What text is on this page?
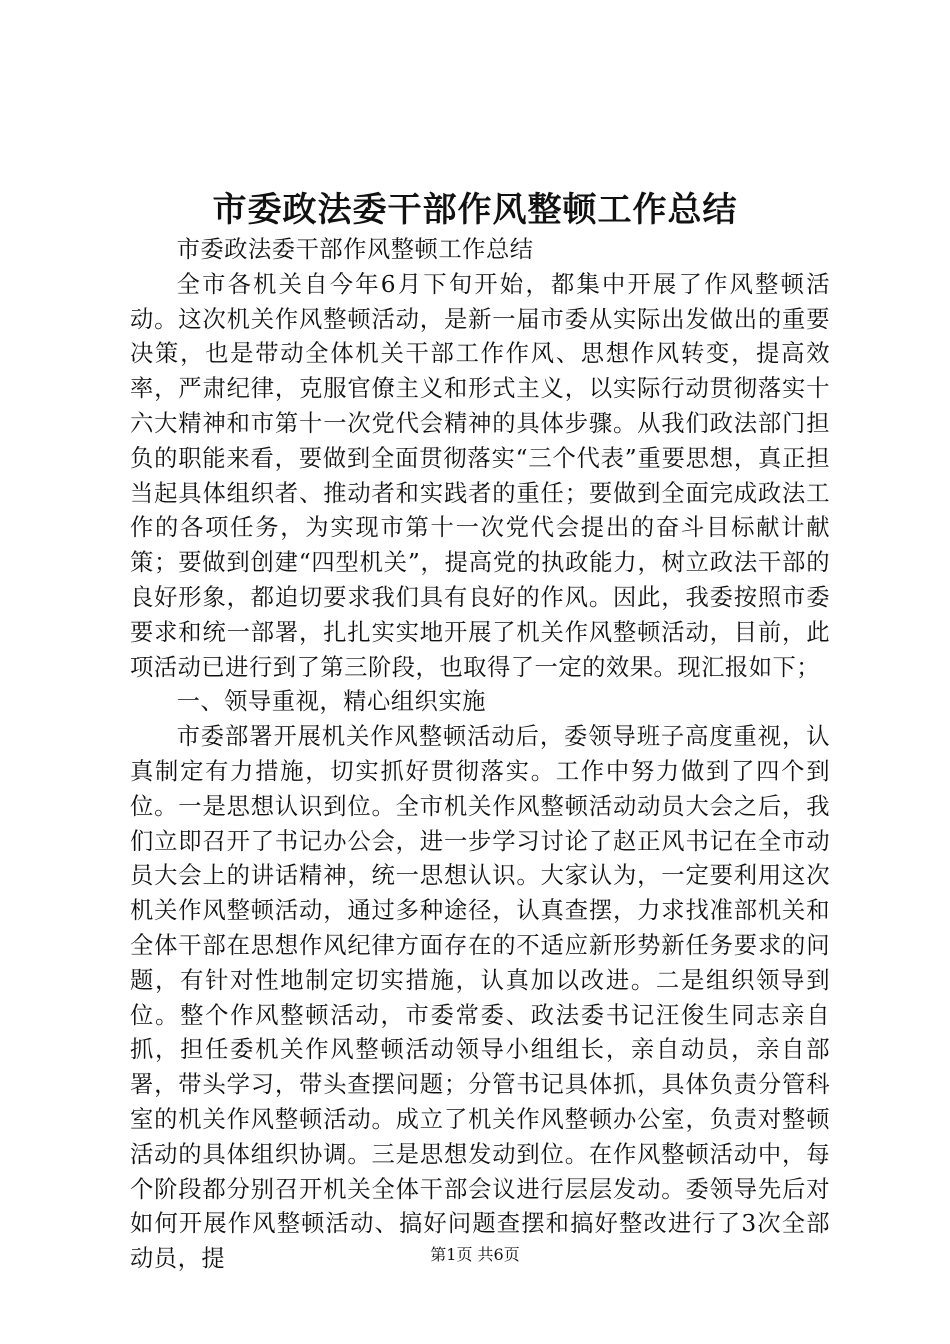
市委政法委干部作风整顿工作总结

市委政法委干部作风整顿工作总结

全市各机关自今年6月下旬开始，都集中开展了作风整顿活动。这次机关作风整顿活动，是新一届市委从实际出发做出的重要决策，也是带动全体机关干部工作作风、思想作风转变，提高效率，严肃纪律，克服官僚主义和形式主义，以实际行动贯彻落实十六大精神和市第十一次党代会精神的具体步骤。从我们政法部门担负的职能来看，要做到全面贯彻落实“三个代表”重要思想，真正担当起具体组织者、推动者和实践者的重任；要做到全面完成政法工作的各项任务，为实现市第十一次党代会提出的奋斗目标献计献策；要做到创建“四型机关”，提高党的执政能力，树立政法干部的良好形象，都迫切要求我们具有良好的作风。因此，我委按照市委要求和统一部署，扎扎实实地开展了机关作风整顿活动，目前，此项活动已进行到了第三阶段，也取得了一定的效果。现汇报如下；

一、领导重视，精心组织实施

市委部署开展机关作风整顿活动后，委领导班子高度重视，认真制定有力措施，切实抓好贯彻落实。工作中努力做到了四个到位。一是思想认识到位。全市机关作风整顿活动动员大会之后，我们立即召开了书记办公会，进一步学习讨论了赵正风书记在全市动员大会上的讲话精神，统一思想认识。大家认为，一定要利用这次机关作风整顿活动，通过多种途径，认真查摆，力求找准部机关和全体干部在思想作风纪律方面存在的不适应新形势新任务要求的问题，有针对性地制定切实措施，认真加以改进。二是组织领导到位。整个作风整顿活动，市委常委、政法委书记汪俊生同志亲自抓，担任委机关作风整顿活动领导小组组长，亲自动员，亲自部署，带头学习，带头查摆问题；分管书记具体抓，具体负责分管科室的机关作风整顿活动。成立了机关作风整顿办公室，负责对整顿活动的具体组织协调。三是思想发动到位。在作风整顿活动中，每个阶段都分别召开机关全体干部会议进行层层发动。委领导先后对如何开展作风整顿活动、搞好问题查摆和搞好整改进行了3次全部动员，提	第1页 共6页
